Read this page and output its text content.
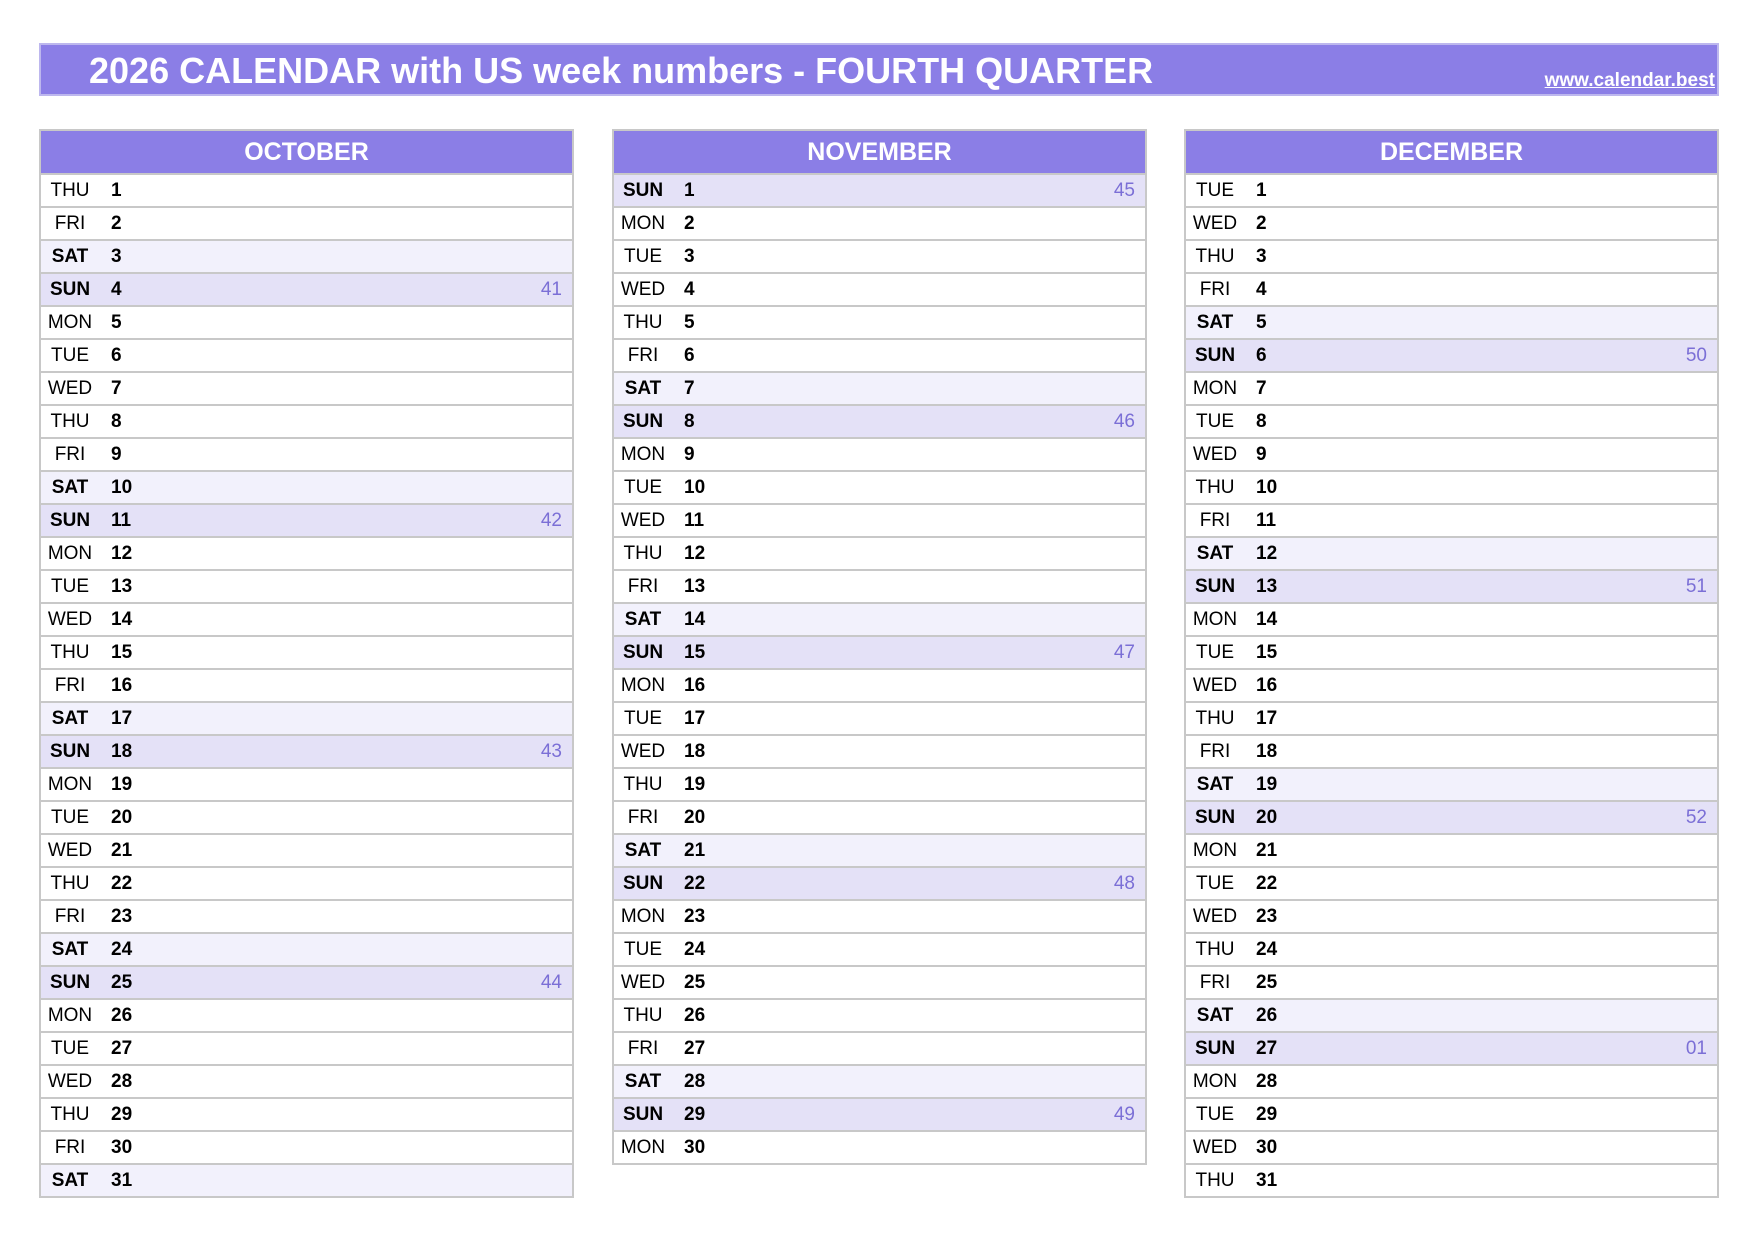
2026 CALENDAR with US week numbers - FOURTH QUARTER	www.calendar.best
OCTOBER
THU	1
FRI	2
SAT	3
SUN	4	41
MON 5
TUE	6
WED 7
THU	8
FRI	9
SAT	10
SUN	11	42
MON 12
TUE	13
WED 14
THU	15
FRI	16
SAT	17
SUN	18	43
MON 19
TUE	20
WED 21
THU	22
FRI	23
SAT	24
SUN	25	44
MON 26
TUE	27
WED 28
THU	29
FRI	30
SAT	31
NOVEMBER
SUN	1	45
MON 2
TUE	3
WED 4
THU	5
FRI	6
SAT	7
SUN	8	46
MON 9
TUE	10
WED 11
THU	12
FRI	13
SAT	14
SUN	15	47
MON 16
TUE	17
WED 18
THU	19
FRI	20
SAT	21
SUN	22	48
MON 23
TUE	24
WED 25
THU	26
FRI	27
SAT	28
SUN	29	49
MON 30
DECEMBER
TUE	1
WED 2
THU	3
FRI	4
SAT	5
SUN	6	50
MON 7
TUE	8
WED 9
THU	10
FRI	11
SAT	12
SUN	13	51
MON 14
TUE	15
WED 16
THU	17
FRI	18
SAT	19
SUN	20	52
MON 21
TUE	22
WED 23
THU	24
FRI	25
SAT	26
SUN	27	01
MON 28
TUE	29
WED 30
THU	31
